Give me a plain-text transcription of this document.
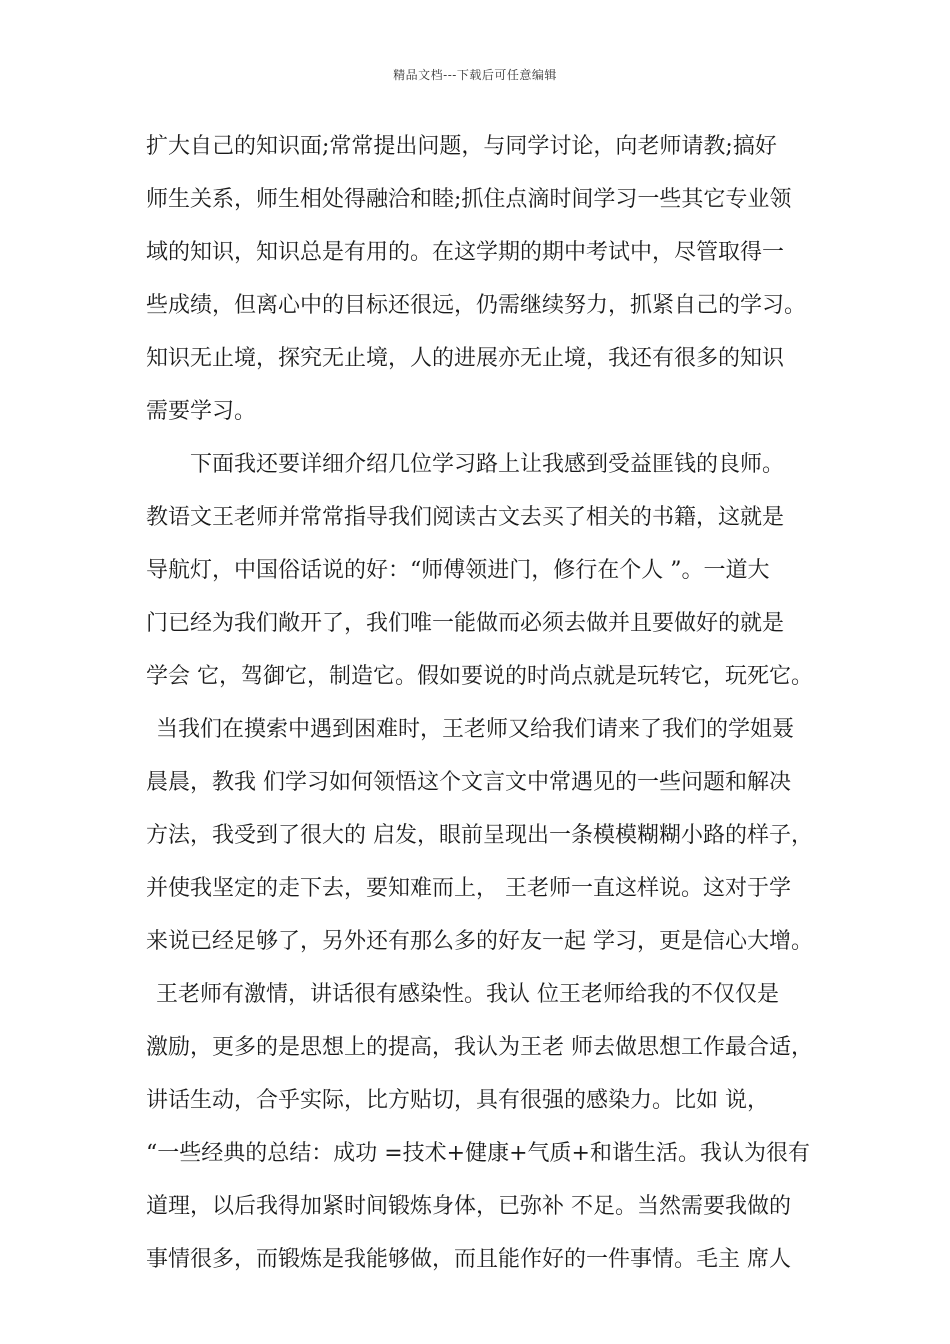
精品文档---下载后可任意编辑
扩大自己的知识面;常常提出问题，与同学讨论，向老师请教;搞好
师生关系，师生相处得融洽和睦;抓住点滴时间学习一些其它专业领
域的知识，知识总是有用的。在这学期的期中考试中，尽管取得一
些成绩，但离心中的目标还很远，仍需继续努力，抓紧自己的学习。
知识无止境，探究无止境，人的进展亦无止境，我还有很多的知识
需要学习。
下面我还要详细介绍几位学习路上让我感到受益匪钱的良师。
教语文王老师并常常指导我们阅读古文去买了相关的书籍，这就是
导航灯，中国俗话说的好：“师傅领进门，修行在个人 ”。一道大
门已经为我们敞开了，我们唯一能做而必须去做并且要做好的就是
学会 它，驾御它，制造它。假如要说的时尚点就是玩转它，玩死它。
当我们在摸索中遇到困难时，王老师又给我们请来了我们的学姐聂
晨晨，教我 们学习如何领悟这个文言文中常遇见的一些问题和解决
方法，我受到了很大的 启发，眼前呈现出一条模模糊糊小路的样子，
并使我坚定的走下去，要知难而上， 王老师一直这样说。这对于学
来说已经足够了，另外还有那么多的好友一起 学习，更是信心大增。
王老师有激情，讲话很有感染性。我认 位王老师给我的不仅仅是
激励，更多的是思想上的提高，我认为王老 师去做思想工作最合适，
讲话生动，合乎实际，比方贴切，具有很强的感染力。比如 说，
“一些经典的总结：成功 =技术+健康+气质+和谐生活。我认为很有
道理，以后我得加紧时间锻炼身体，已弥补 不足。当然需要我做的
事情很多，而锻炼是我能够做，而且能作好的一件事情。毛主 席人
